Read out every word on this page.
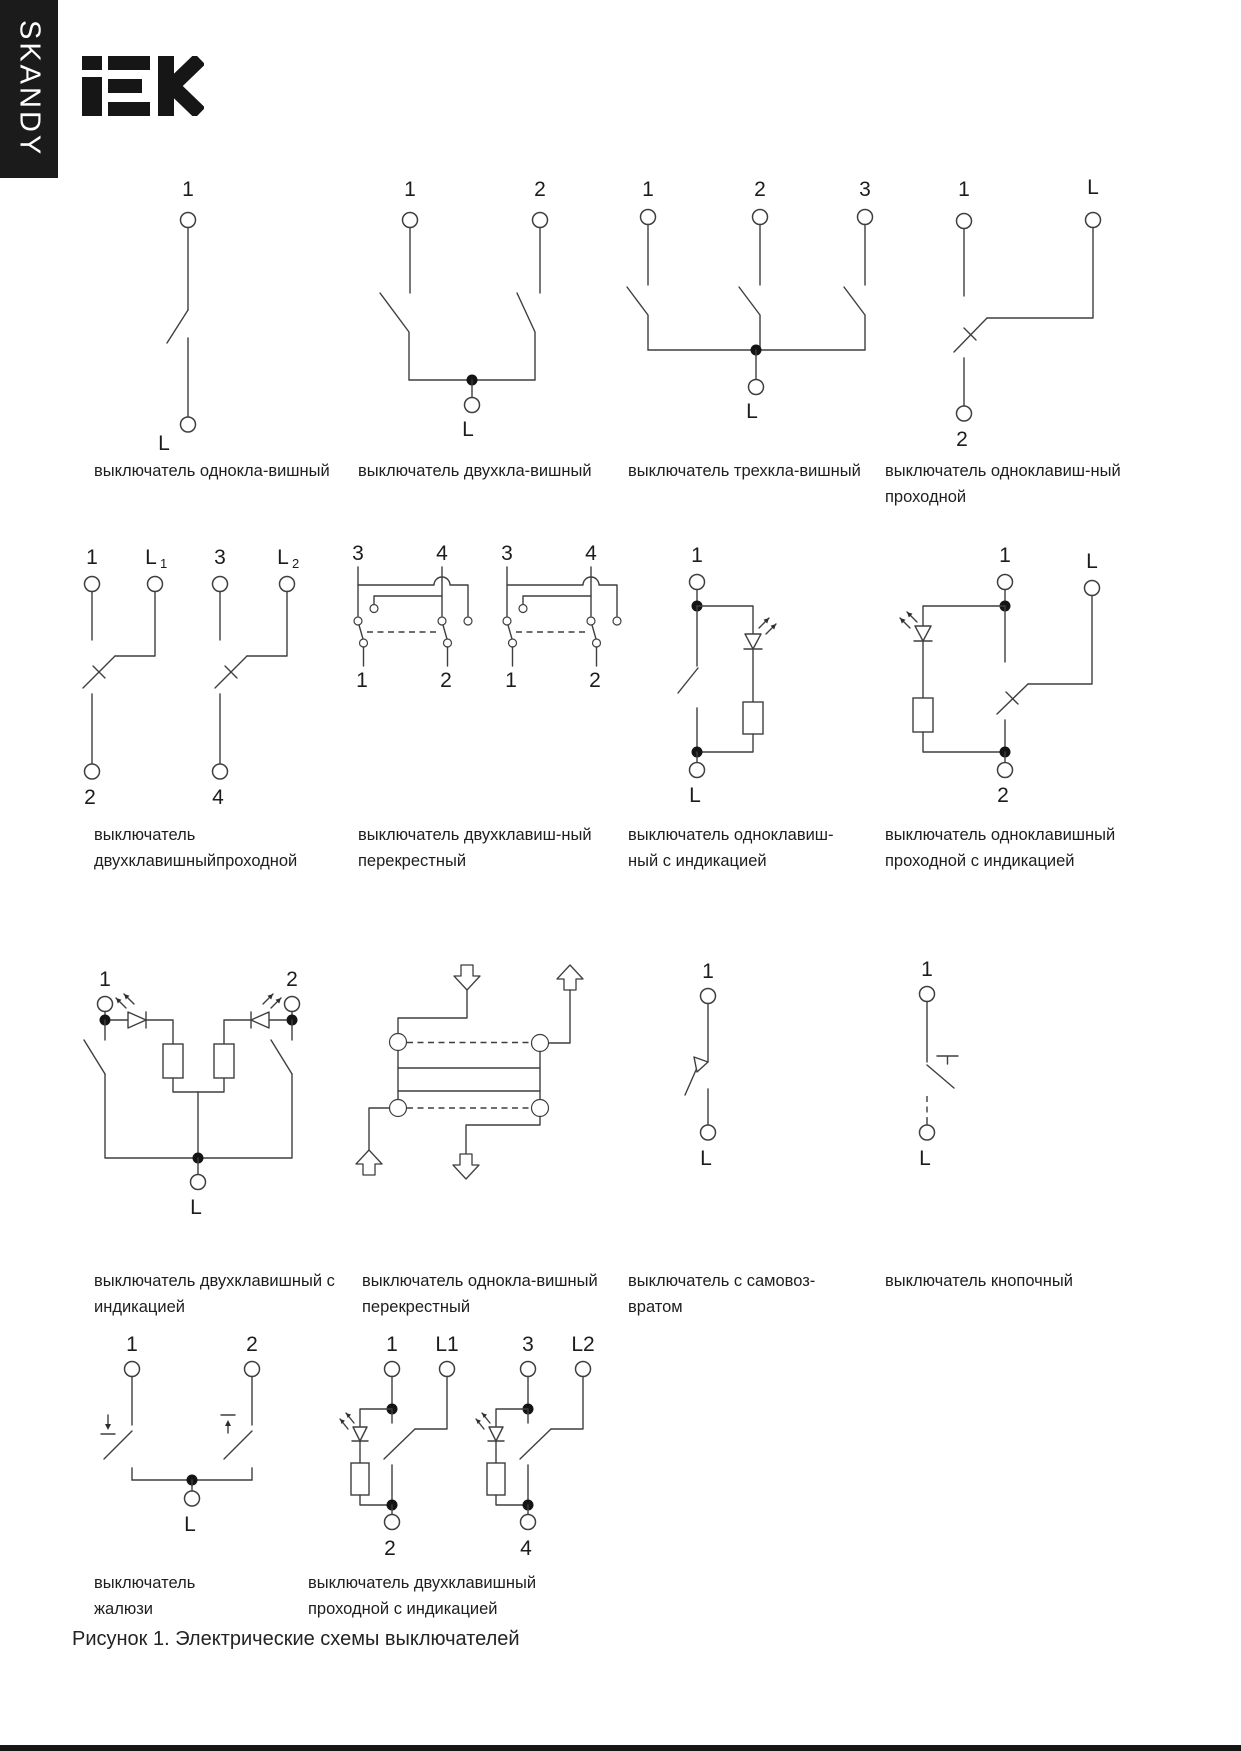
SKANDY
1
L
1	2
L
1	2	3
L
1	L
2
выключатель однокла-вишный выключатель двухкла-вишный выключатель трехкла-вишный выключатель одноклавиш-ный
проходной
1 L 1 3 L 2
2	4
3	4
1	2
3	4
1	2
1
L
1	L
2
выключатель
двухклавишныйпроходной
выключатель двухклавиш-ный
перекрестный
выключатель одноклавиш-
ный с индикацией
выключатель одноклавишный
проходной с индикацией
1	2
L
1
L
1
L
выключатель двухклавишный с
индикацией
выключатель однокла-вишный
перекрестный
выключатель с самовоз-
вратом
выключатель кнопочный
1	2
L
1 L1
2
3 L2
4
выключатель
жалюзи
выключатель двухклавишный
проходной с индикацией
Рисунок 1. Электрические схемы выключателей
